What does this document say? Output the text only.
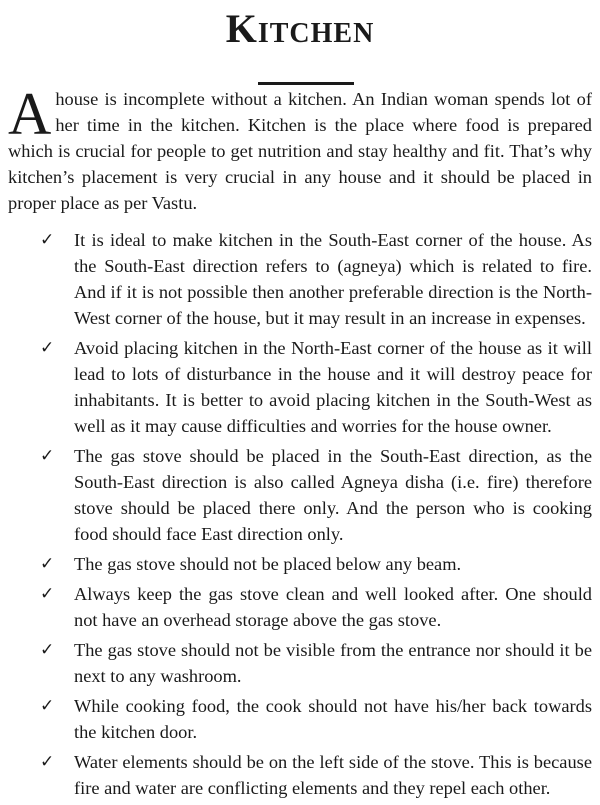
Kitchen

A house is incomplete without a kitchen. An Indian woman spends lot of her time in the kitchen. Kitchen is the place where food is prepared which is crucial for people to get nutrition and stay healthy and fit. That’s why kitchen’s placement is very crucial in any house and it should be placed in proper place as per Vastu.

✓ It is ideal to make kitchen in the South-East corner of the house. As the South-East direction refers to (agneya) which is related to fire. And if it is not possible then another preferable direction is the North-West corner of the house, but it may result in an increase in expenses.
✓ Avoid placing kitchen in the North-East corner of the house as it will lead to lots of disturbance in the house and it will destroy peace for inhabitants. It is better to avoid placing kitchen in the South-West as well as it may cause difficulties and worries for the house owner.
✓ The gas stove should be placed in the South-East direction, as the South-East direction is also called Agneya disha (i.e. fire) therefore stove should be placed there only. And the person who is cooking food should face East direction only.
✓ The gas stove should not be placed below any beam.
✓ Always keep the gas stove clean and well looked after. One should not have an overhead storage above the gas stove.
✓ The gas stove should not be visible from the entrance nor should it be next to any washroom.
✓ While cooking food, the cook should not have his/her back towards the kitchen door.
✓ Water elements should be on the left side of the stove. This is because fire and water are conflicting elements and they repel each other.
